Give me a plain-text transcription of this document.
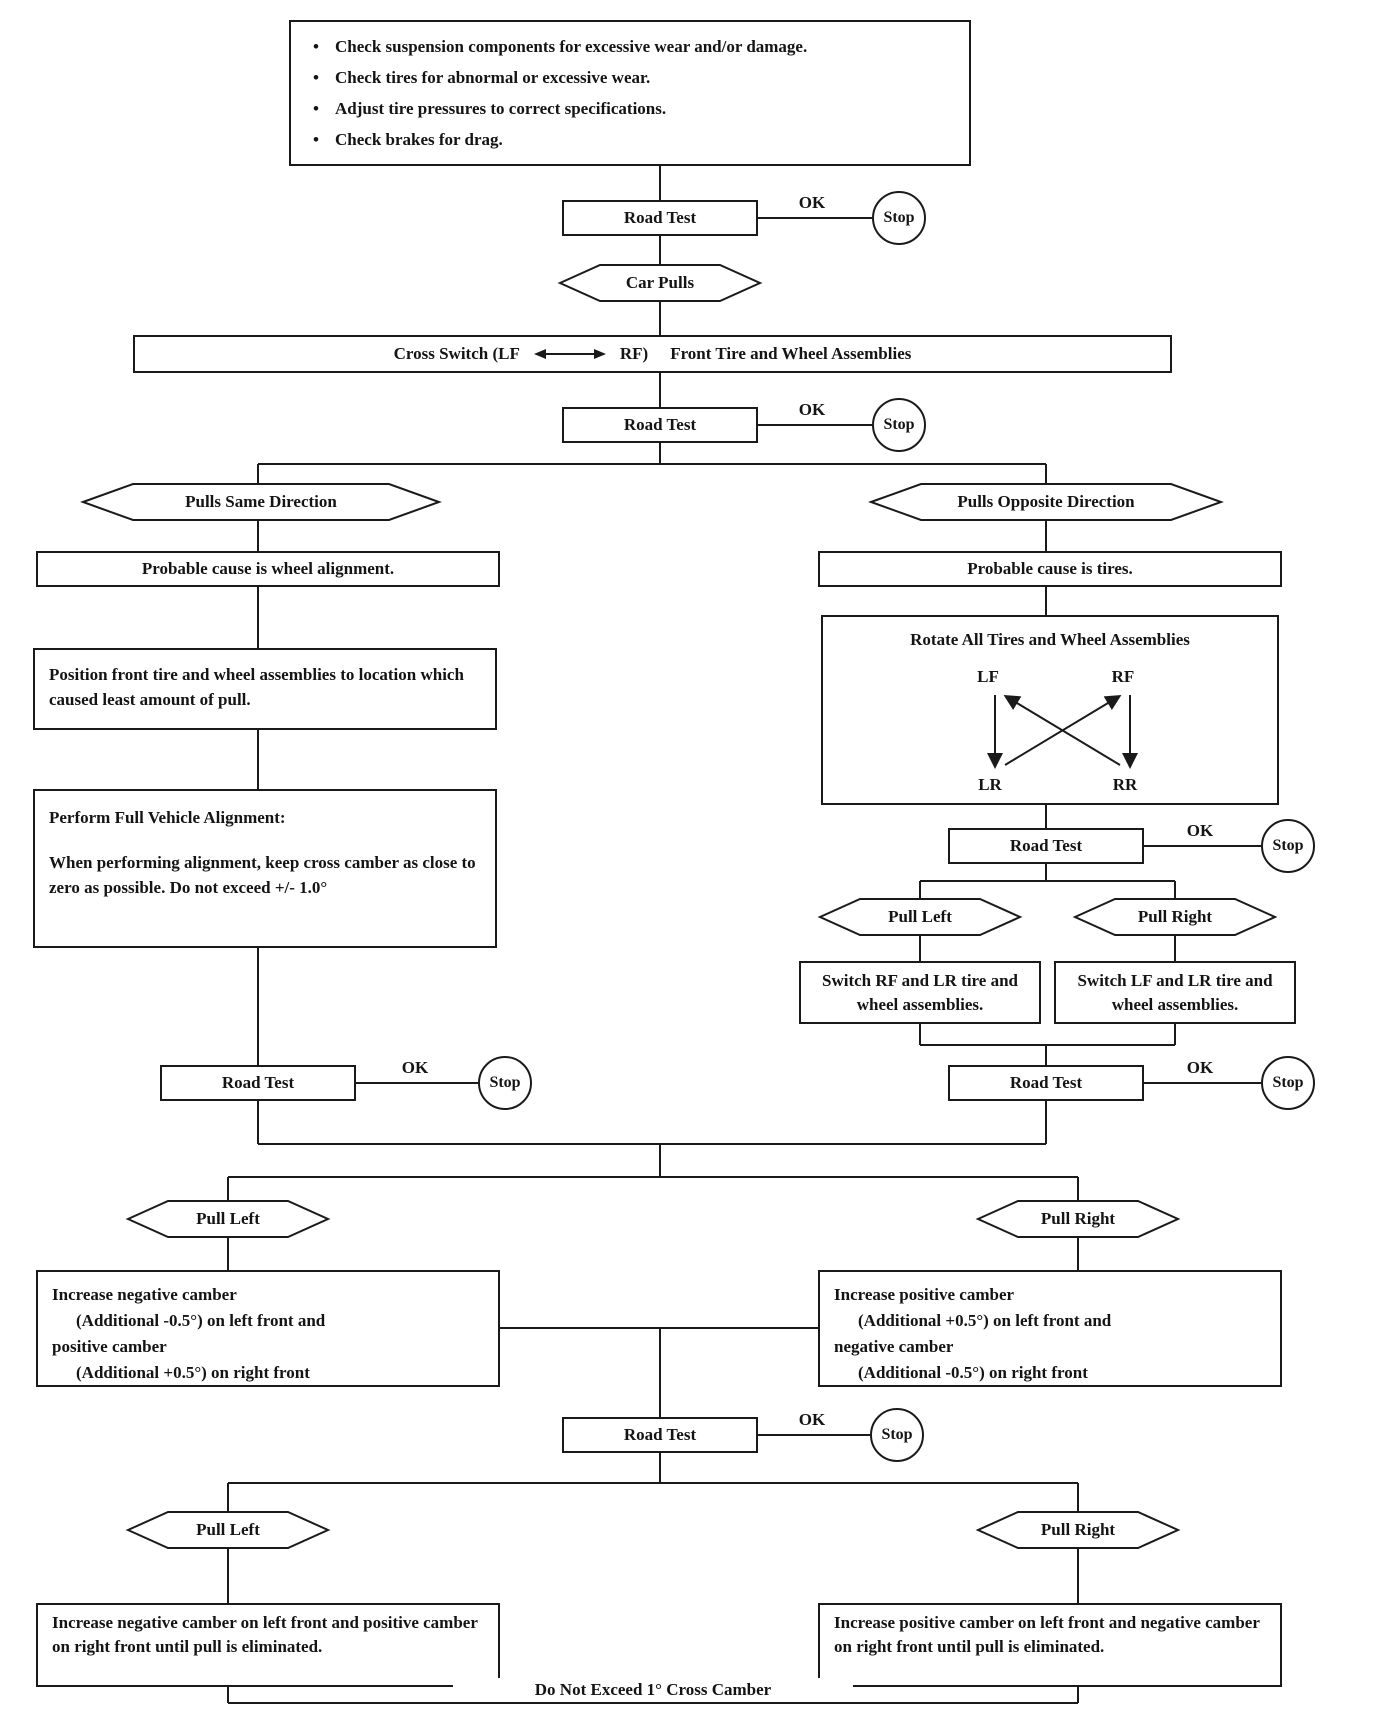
•
Check suspension components for excessive wear and/or damage.
•
Check tires for abnormal or excessive wear.
•
Adjust tire pressures to correct specifications.
•
Check brakes for drag.
Road Test
Cross Switch (LF	RF) Front Tire and Wheel Assemblies
Road Test
Probable cause is wheel alignment.	Probable cause is tires.
Position front tire and wheel assemblies to location which caused least amount of pull.
Rotate All Tires and Wheel Assemblies
LF	RF
LR	RR
Perform Full Vehicle Alignment:
When performing alignment, keep cross camber as close to zero as possible. Do not exceed +/- 1.0°
Road Test
Switch RF and LR tire and wheel assemblies.
Switch LF and LR tire and wheel assemblies.
Road Test	Road Test
Increase negative camber
(Additional -0.5°) on left front and
positive camber
(Additional +0.5°) on right front
Increase positive camber
(Additional +0.5°) on left front and
negative camber
(Additional -0.5°) on right front
Road Test
Increase negative camber on left front and positive camber on right front until pull is eliminated.
Increase positive camber on left front and negative camber on right front until pull is eliminated.
Car Pulls
Pulls Same Direction	Pulls Opposite Direction
Pull Left	Pull Right
Pull Left	Pull Right
Pull Left	Pull Right
Stop
Stop
Stop
Stop	Stop
Stop
OK
OK
OK
OK	OK
OK
Do Not Exceed 1° Cross Camber
